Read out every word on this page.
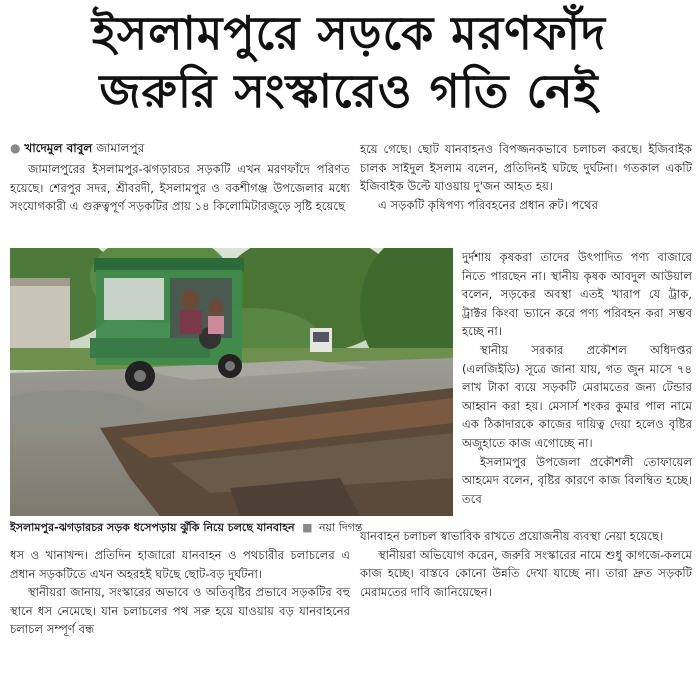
ইসলামপুরে সড়কে মরণফাঁদ
জরুরি সংস্কারেও গতি নেই
● খাদেমুল বাবুল জামালপুর

জামালপুরের ইসলামপুর-ঝগড়ারচর সড়কটি এখন মরণফাঁদে পরিণত হয়েছে। শেরপুর সদর, শ্রীবরদী, ইসলামপুর ও বকশীগঞ্জ উপজেলার মধ্যে সংযোগকারী এ গুরুত্বপূর্ণ সড়কটির প্রায় ১৪ কিলোমিটারজুড়ে সৃষ্টি হয়েছে

হয়ে গেছে। ছোট যানবাহনও বিপজ্জনকভাবে চলাচল করছে। ইজিবাইক চালক সাইদুল ইসলাম বলেন, প্রতিদিনই ঘটছে দুর্ঘটনা। গতকাল একটি ইজিবাইক উল্টে যাওয়ায় দু'জন আহত হয়।

এ সড়কটি কৃষিপণ্য পরিবহনের প্রধান রুট। পথের

ইসলামপুর-ঝগড়ারচর সড়ক ধসেপড়ায় ঝুঁকি নিয়ে চলছে যানবাহন ■ নয়া দিগন্ত

দুর্দশায় কৃষকরা তাদের উৎপাদিত পণ্য বাজারে নিতে পারছেন না। স্থানীয় কৃষক আবদুল আউয়াল বলেন, সড়কের অবস্থা এতই খারাপ যে ট্রাক, ট্রাক্টর কিংবা ভ্যানে করে পণ্য পরিবহন করা সম্ভব হচ্ছে না।

স্থানীয় সরকার প্রকৌশল অধিদপ্তর (এলজিইডি) সূত্রে জানা যায়, গত জুন মাসে ৭৪ লাখ টাকা ব্যয়ে সড়কটি মেরামতের জন্য টেন্ডার আহ্বান করা হয়। মেসার্স শংকর কুমার পাল নামে এক ঠিকাদারকে কাজের দায়িত্ব দেয়া হলেও বৃষ্টির অজুহাতে কাজ এগোচ্ছে না।

ইসলামপুর উপজেলা প্রকৌশলী তোফায়েল আহমেদ বলেন, বৃষ্টির কারণে কাজ বিলম্বিত হচ্ছে। তবে

ধস ও খানাখন্দ। প্রতিদিন হাজারো যানবাহন ও পথচারীর চলাচলের এ প্রধান সড়কটিতে এখন অহরহই ঘটছে ছোট-বড় দুর্ঘটনা।

স্থানীয়রা জানায়, সংস্কারের অভাবে ও অতিবৃষ্টির প্রভাবে সড়কটির বহু স্থানে ধস নেমেছে। যান চলাচলের পথ সরু হয়ে যাওয়ায় বড় যানবাহনের চলাচল সম্পূর্ণ বন্ধ

যানবাহন চলাচল স্বাভাবিক রাখতে প্রয়োজনীয় ব্যবস্থা নেয়া হয়েছে।

স্থানীয়রা অভিযোগ করেন, জরুরি সংস্কারের নামে শুধু কাগজে-কলমে কাজ হচ্ছে। বাস্তবে কোনো উন্নতি দেখা যাচ্ছে না। তারা দ্রুত সড়কটি মেরামতের দাবি জানিয়েছেন।
